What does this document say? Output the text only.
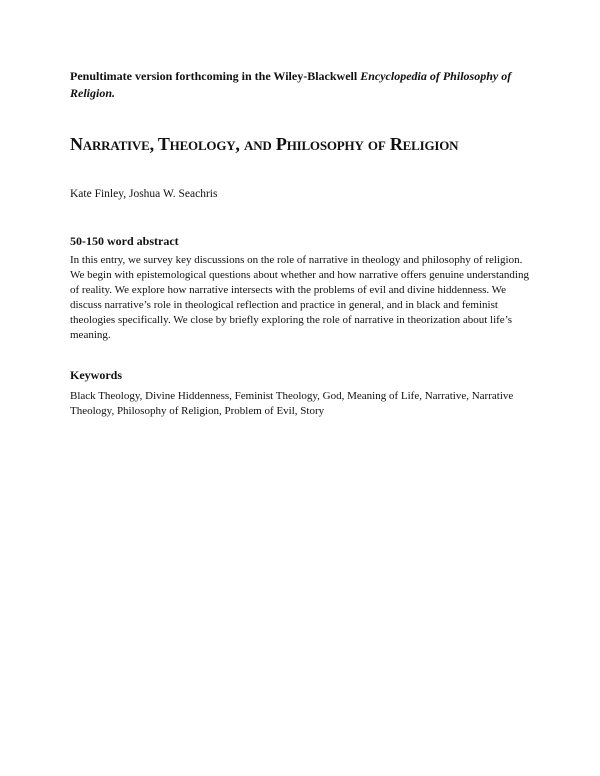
Penultimate version forthcoming in the Wiley-Blackwell Encyclopedia of Philosophy of Religion.
Narrative, Theology, and Philosophy of Religion
Kate Finley, Joshua W. Seachris
50-150 word abstract

In this entry, we survey key discussions on the role of narrative in theology and philosophy of religion. We begin with epistemological questions about whether and how narrative offers genuine understanding of reality. We explore how narrative intersects with the problems of evil and divine hiddenness. We discuss narrative’s role in theological reflection and practice in general, and in black and feminist theologies specifically. We close by briefly exploring the role of narrative in theorization about life’s meaning.

Keywords

Black Theology, Divine Hiddenness, Feminist Theology, God, Meaning of Life, Narrative, Narrative Theology, Philosophy of Religion, Problem of Evil, Story
